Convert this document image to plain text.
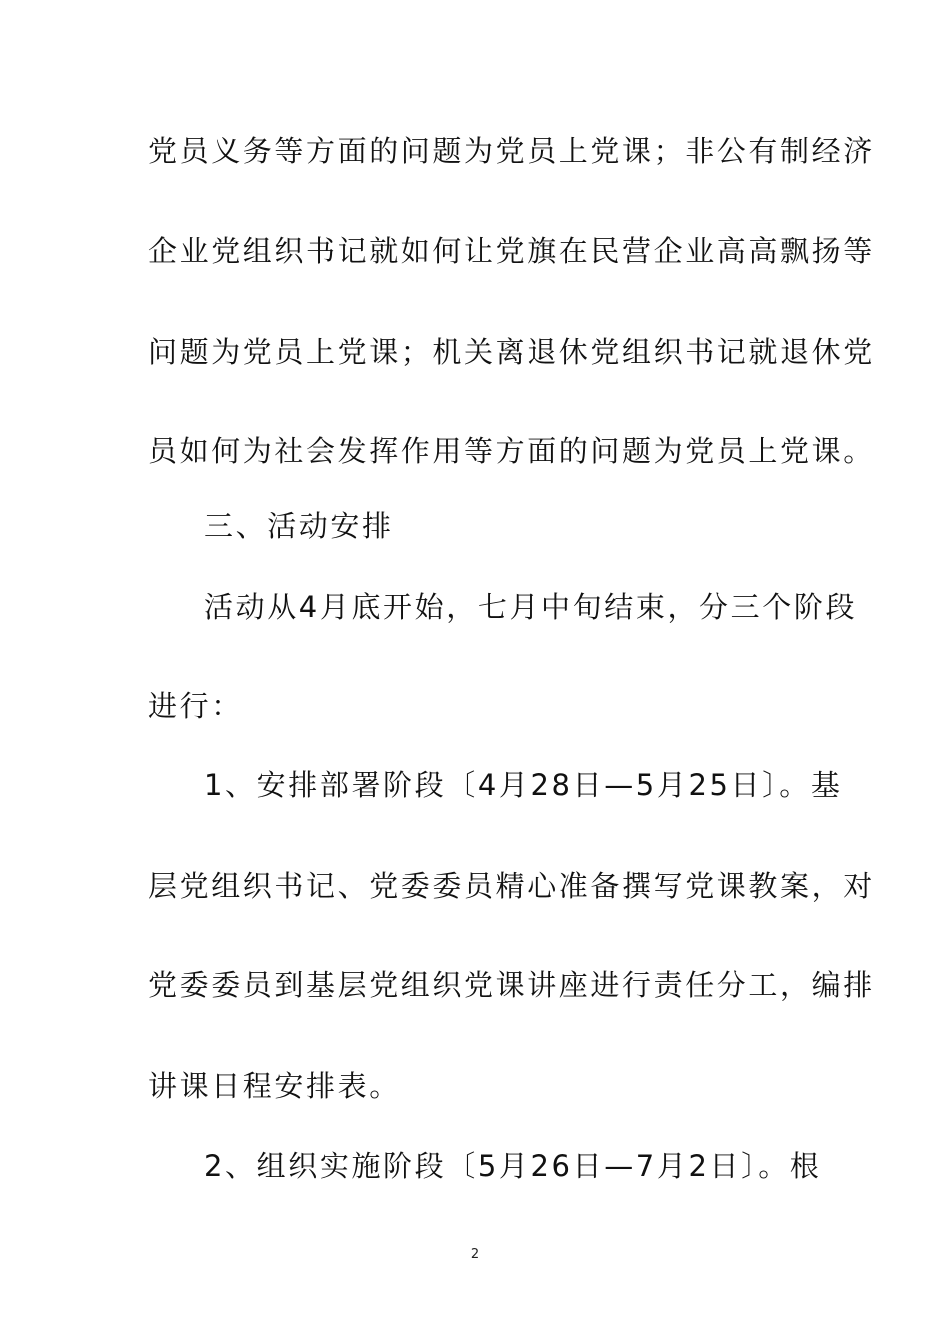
党员义务等方面的问题为党员上党课；非公有制经济
企业党组织书记就如何让党旗在民营企业高高飘扬等
问题为党员上党课；机关离退休党组织书记就退休党
员如何为社会发挥作用等方面的问题为党员上党课。
三、活动安排
活动从4月底开始，七月中旬结束，分三个阶段
进行：
1、安排部署阶段〔4月28日—5月25日〕。基
层党组织书记、党委委员精心准备撰写党课教案，对
党委委员到基层党组织党课讲座进行责任分工，编排
讲课日程安排表。
2、组织实施阶段〔5月26日—7月2日〕。根
2
